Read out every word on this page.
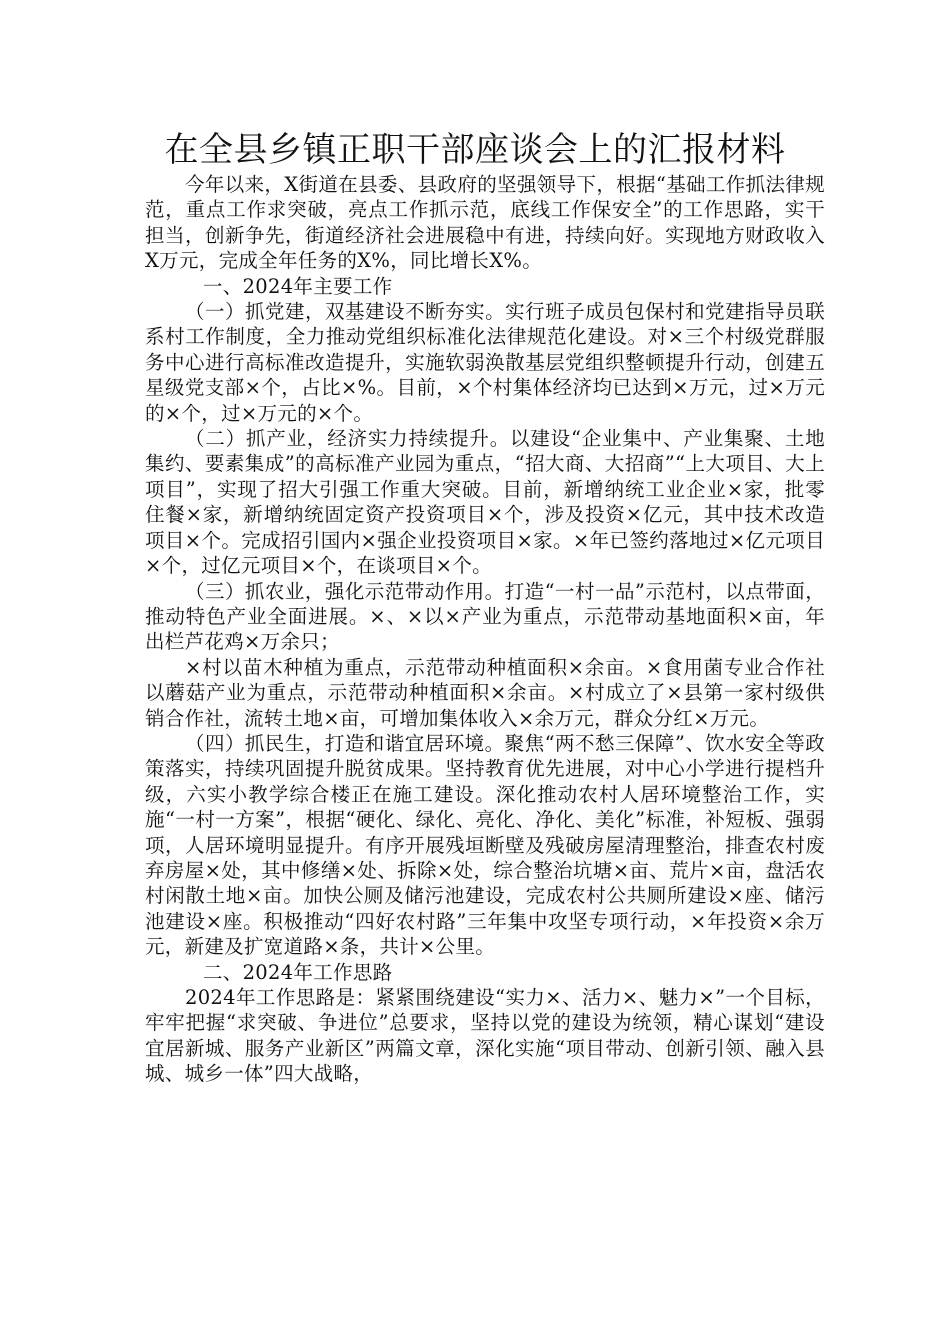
在全县乡镇正职干部座谈会上的汇报材料

今年以来，X街道在县委、县政府的坚强领导下，根据“基础工作抓法律规范，重点工作求突破，亮点工作抓示范，底线工作保安全”的工作思路，实干担当，创新争先，街道经济社会进展稳中有进，持续向好。实现地方财政收入X万元，完成全年任务的X%，同比增长X%。

一、2024年主要工作

（一）抓党建，双基建设不断夯实。实行班子成员包保村和党建指导员联系村工作制度，全力推动党组织标准化法律规范化建设。对×三个村级党群服务中心进行高标准改造提升，实施软弱涣散基层党组织整顿提升行动，创建五星级党支部×个，占比×%。目前，×个村集体经济均已达到×万元，过×万元的×个，过×万元的×个。

（二）抓产业，经济实力持续提升。以建设“企业集中、产业集聚、土地集约、要素集成”的高标准产业园为重点，“招大商、大招商”“上大项目、大上项目”，实现了招大引强工作重大突破。目前，新增纳统工业企业×家，批零住餐×家，新增纳统固定资产投资项目×个，涉及投资×亿元，其中技术改造项目×个。完成招引国内×强企业投资项目×家。×年已签约落地过×亿元项目×个，过亿元项目×个，在谈项目×个。

（三）抓农业，强化示范带动作用。打造“一村一品”示范村，以点带面，推动特色产业全面进展。×、×以×产业为重点，示范带动基地面积×亩，年出栏芦花鸡×万余只；

×村以苗木种植为重点，示范带动种植面积×余亩。×食用菌专业合作社以蘑菇产业为重点，示范带动种植面积×余亩。×村成立了×县第一家村级供销合作社，流转土地×亩，可增加集体收入×余万元，群众分红×万元。

（四）抓民生，打造和谐宜居环境。聚焦“两不愁三保障”、饮水安全等政策落实，持续巩固提升脱贫成果。坚持教育优先进展，对中心小学进行提档升级，六实小教学综合楼正在施工建设。深化推动农村人居环境整治工作，实施“一村一方案”，根据“硬化、绿化、亮化、净化、美化”标准，补短板、强弱项，人居环境明显提升。有序开展残垣断壁及残破房屋清理整治，排查农村废弃房屋×处，其中修缮×处、拆除×处，综合整治坑塘×亩、荒片×亩，盘活农村闲散土地×亩。加快公厕及储污池建设，完成农村公共厕所建设×座、储污池建设×座。积极推动“四好农村路”三年集中攻坚专项行动，×年投资×余万元，新建及扩宽道路×条，共计×公里。

二、2024年工作思路

2024年工作思路是：紧紧围绕建设“实力×、活力×、魅力×”一个目标，牢牢把握“求突破、争进位”总要求，坚持以党的建设为统领，精心谋划“建设宜居新城、服务产业新区”两篇文章，深化实施“项目带动、创新引领、融入县城、城乡一体”四大战略，
